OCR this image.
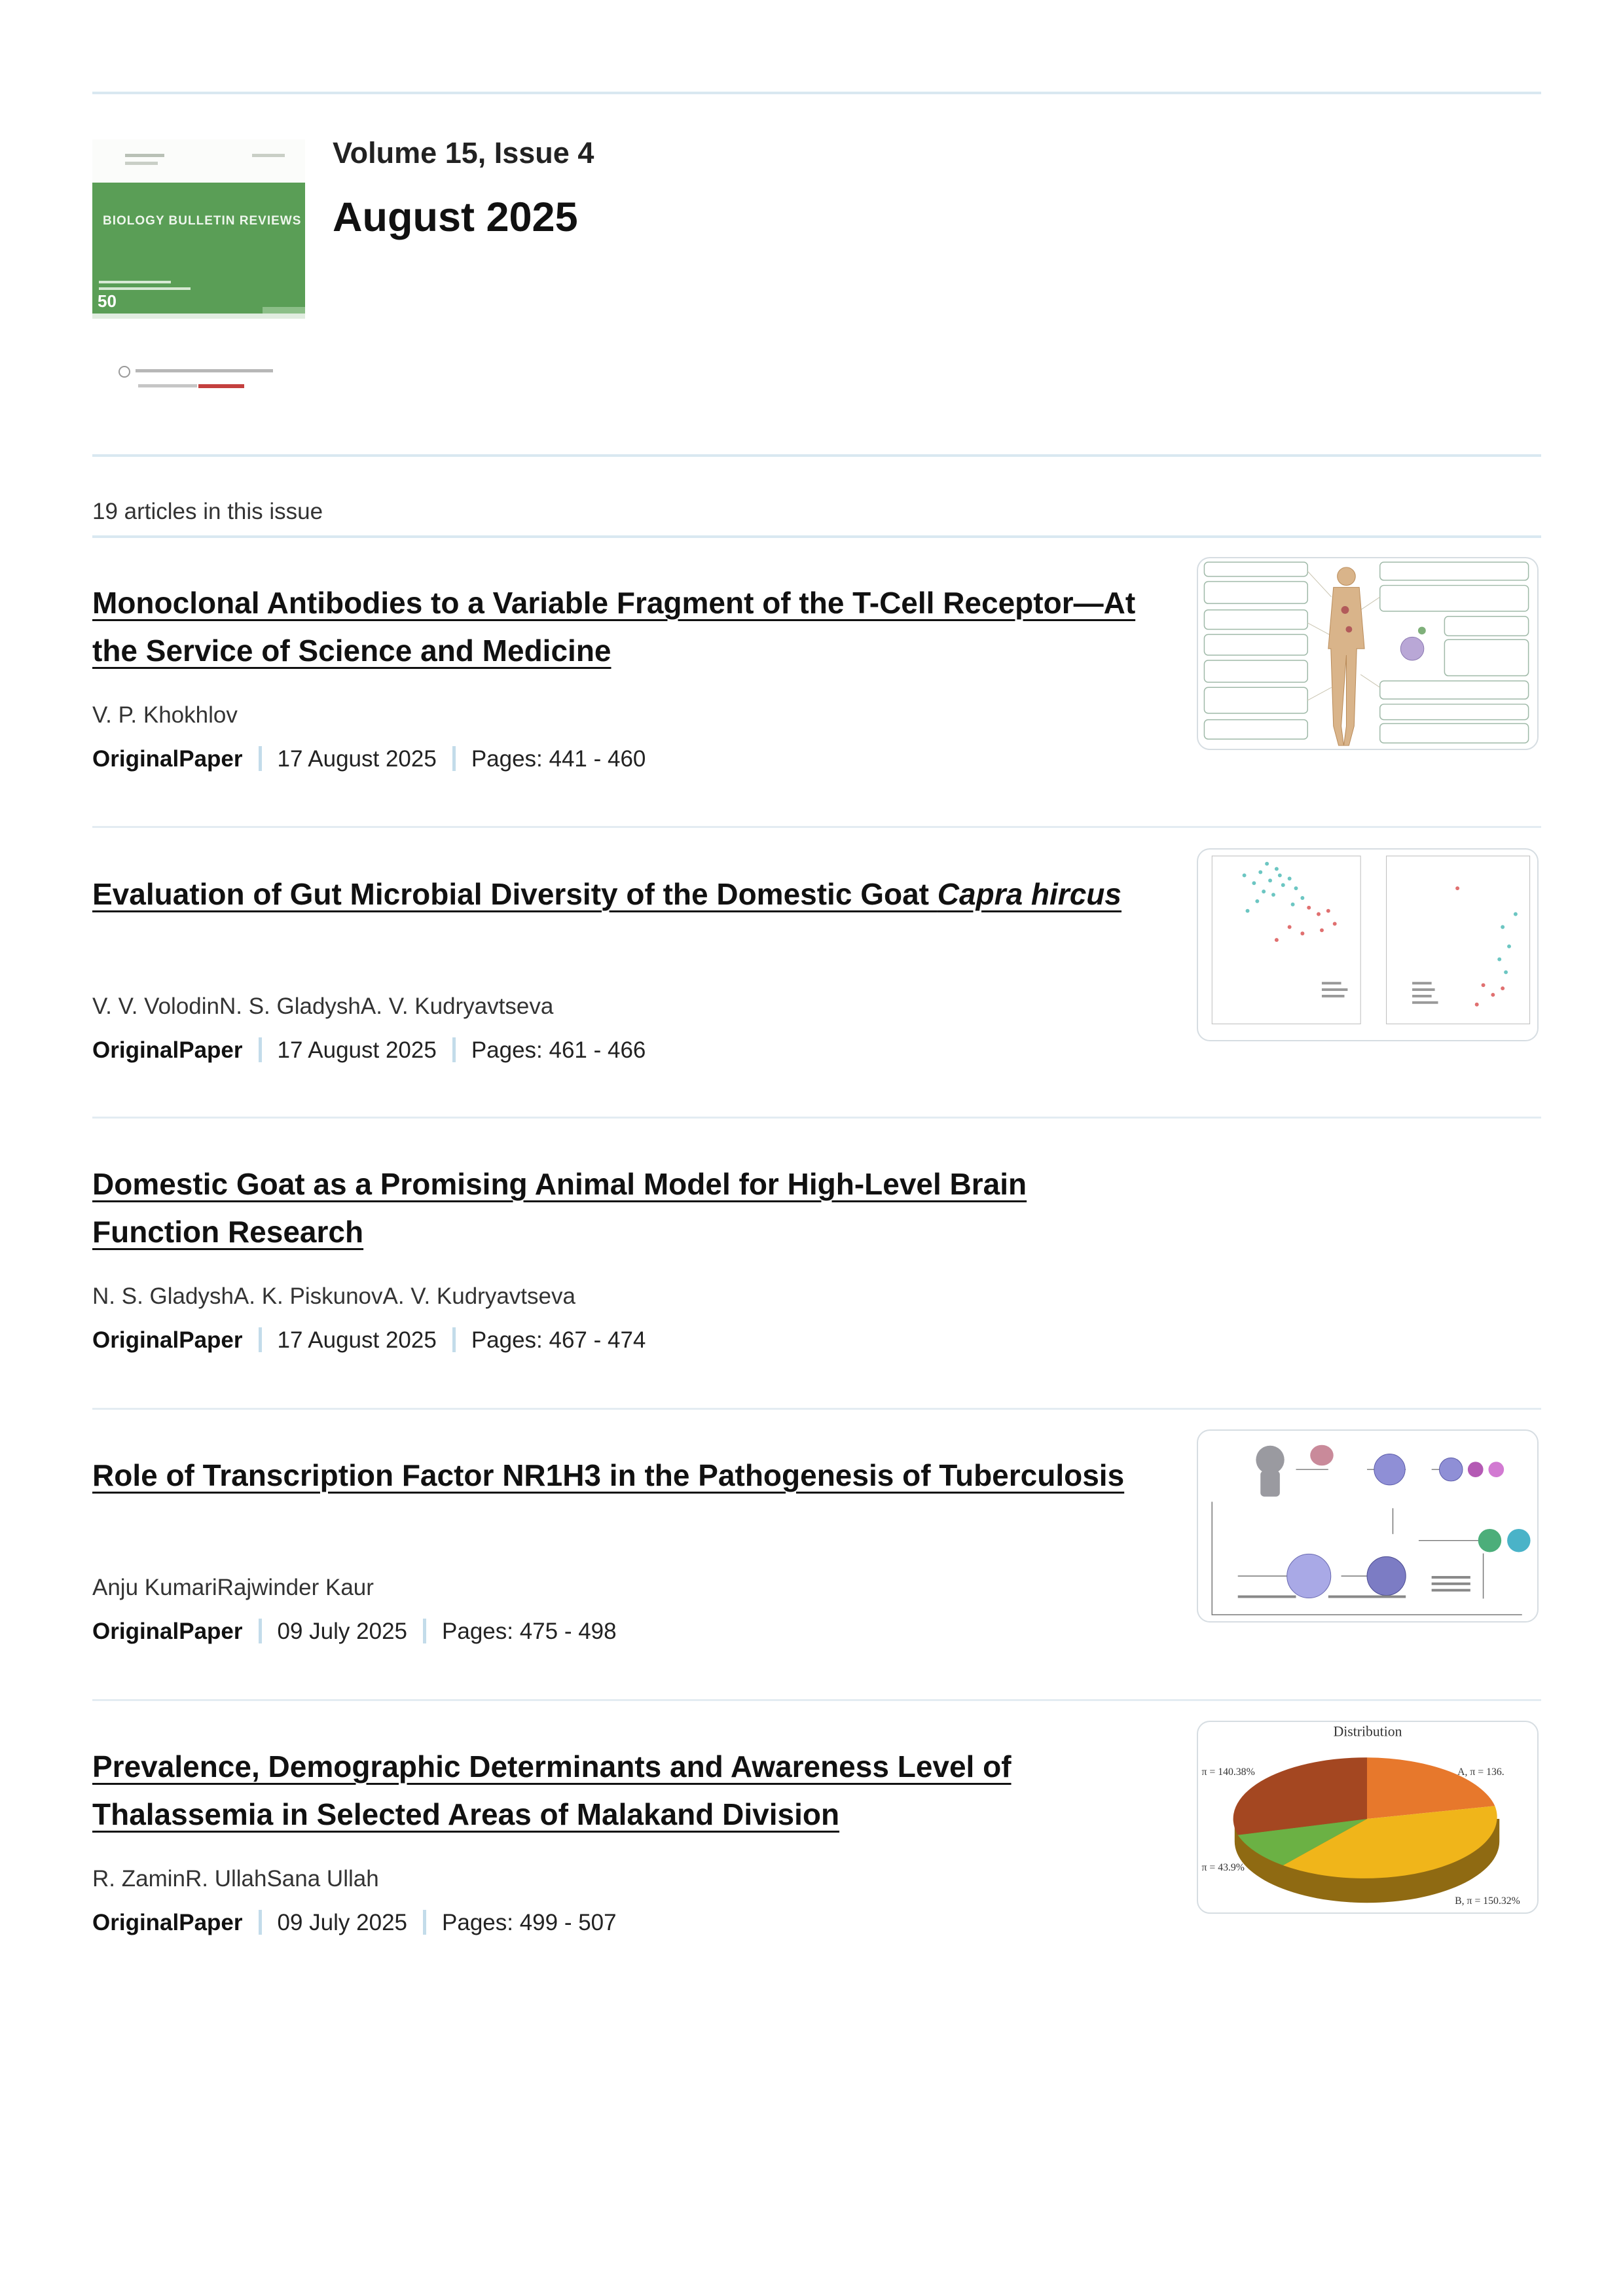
BIOLOGY BULLETIN REVIEWS
50
Volume 15, Issue 4
August 2025
19 articles in this issue
Monoclonal Antibodies to a Variable Fragment of the T-Cell Receptor—At the Service of Science and Medicine
V. P. Khokhlov
OriginalPaper 17 August 2025 Pages: 441 - 460
Evaluation of Gut Microbial Diversity of the Domestic Goat Capra hircus
V. V. VolodinN. S. GladyshA. V. Kudryavtseva
OriginalPaper 17 August 2025 Pages: 461 - 466
Domestic Goat as a Promising Animal Model for High-Level Brain Function Research
N. S. GladyshA. K. PiskunovA. V. Kudryavtseva
OriginalPaper 17 August 2025 Pages: 467 - 474
Role of Transcription Factor NR1H3 in the Pathogenesis of Tuberculosis
Anju KumariRajwinder Kaur
OriginalPaper 09 July 2025 Pages: 475 - 498
Prevalence, Demographic Determinants and Awareness Level of Thalassemia in Selected Areas of Malakand Division
R. ZaminR. UllahSana Ullah
OriginalPaper 09 July 2025 Pages: 499 - 507
Distribution
π = 140.38%	A, π = 136.
π = 43.9%
B, π = 150.32%
